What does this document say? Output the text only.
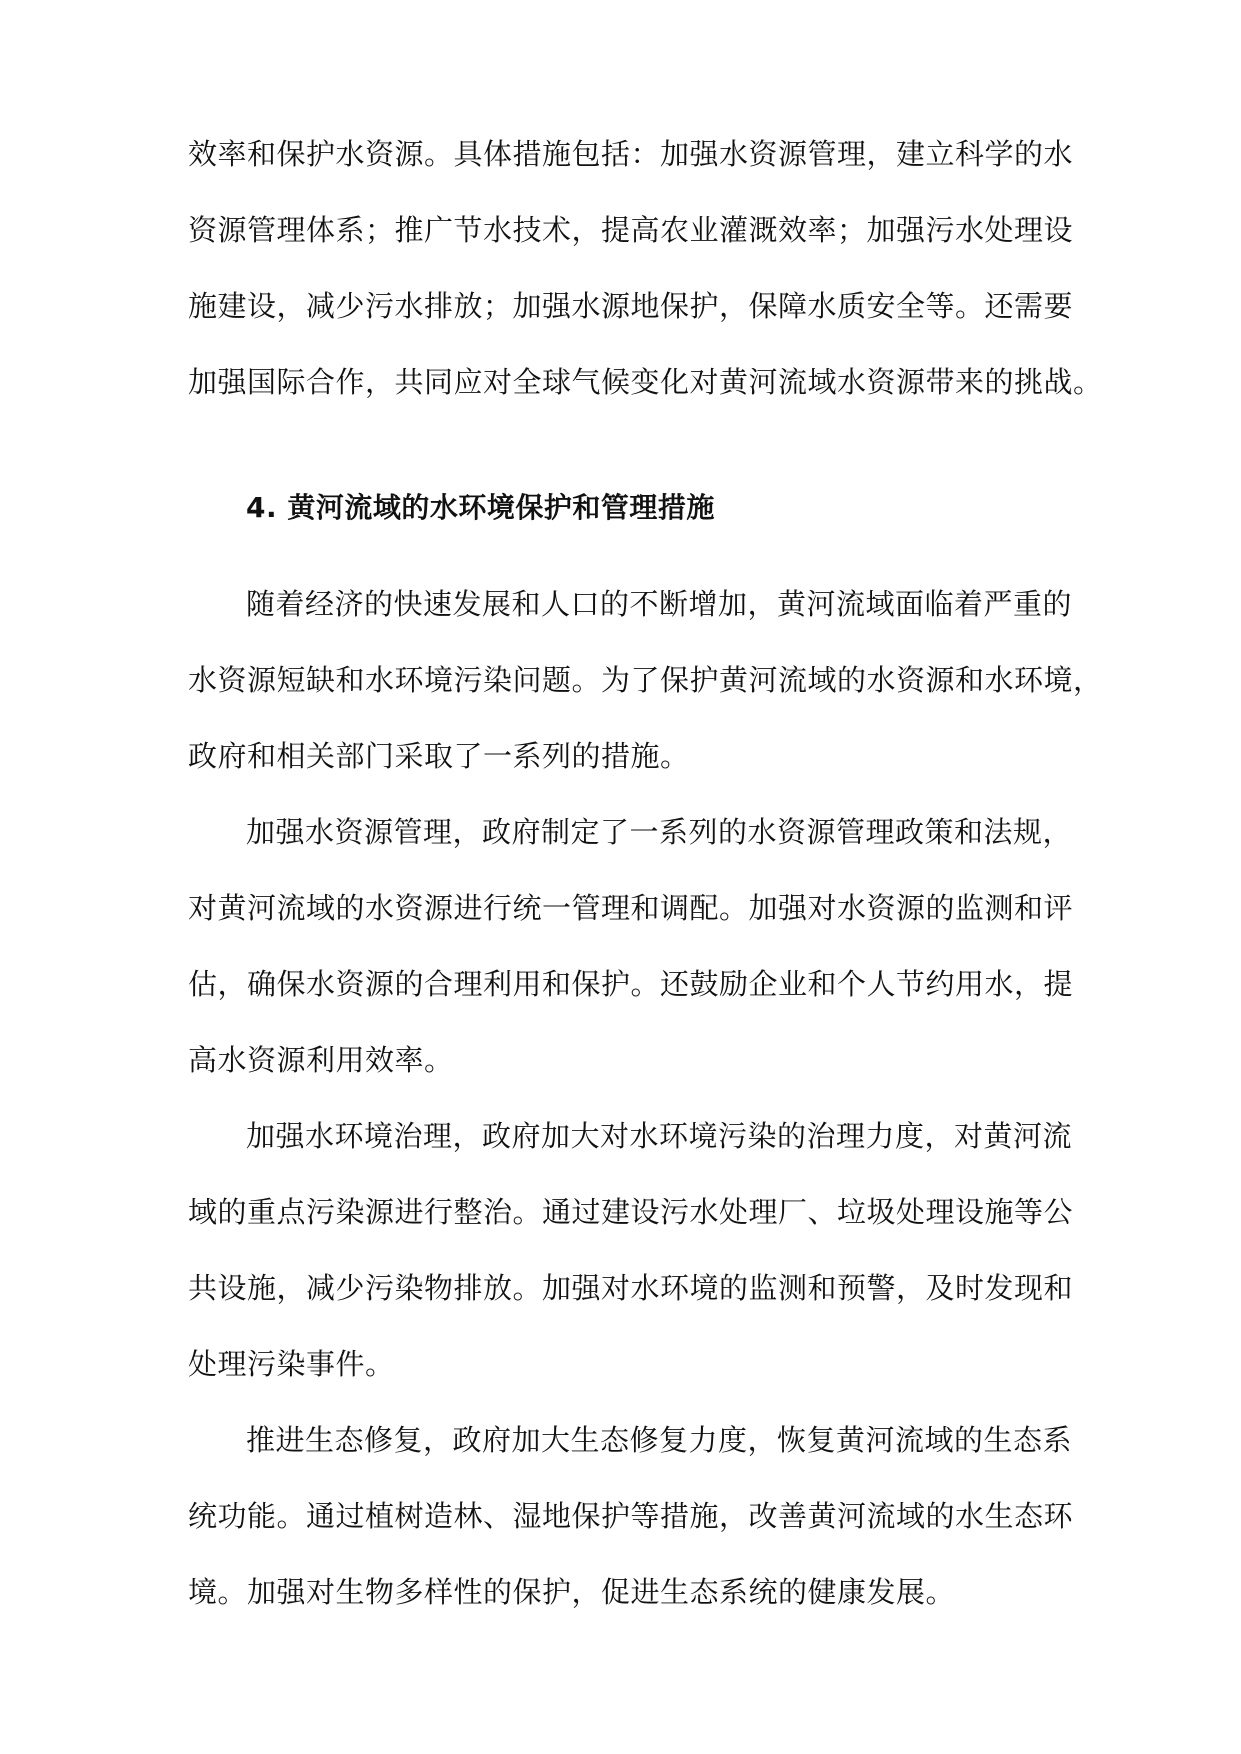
效率和保护水资源。具体措施包括：加强水资源管理，建立科学的水
资源管理体系；推广节水技术，提高农业灌溉效率；加强污水处理设
施建设，减少污水排放；加强水源地保护，保障水质安全等。还需要
加强国际合作，共同应对全球气候变化对黄河流域水资源带来的挑战。
4. 黄河流域的水环境保护和管理措施
随着经济的快速发展和人口的不断增加，黄河流域面临着严重的
水资源短缺和水环境污染问题。为了保护黄河流域的水资源和水环境，
政府和相关部门采取了一系列的措施。
加强水资源管理，政府制定了一系列的水资源管理政策和法规，
对黄河流域的水资源进行统一管理和调配。加强对水资源的监测和评
估，确保水资源的合理利用和保护。还鼓励企业和个人节约用水，提
高水资源利用效率。
加强水环境治理，政府加大对水环境污染的治理力度，对黄河流
域的重点污染源进行整治。通过建设污水处理厂、垃圾处理设施等公
共设施，减少污染物排放。加强对水环境的监测和预警，及时发现和
处理污染事件。
推进生态修复，政府加大生态修复力度，恢复黄河流域的生态系
统功能。通过植树造林、湿地保护等措施，改善黄河流域的水生态环
境。加强对生物多样性的保护，促进生态系统的健康发展。
